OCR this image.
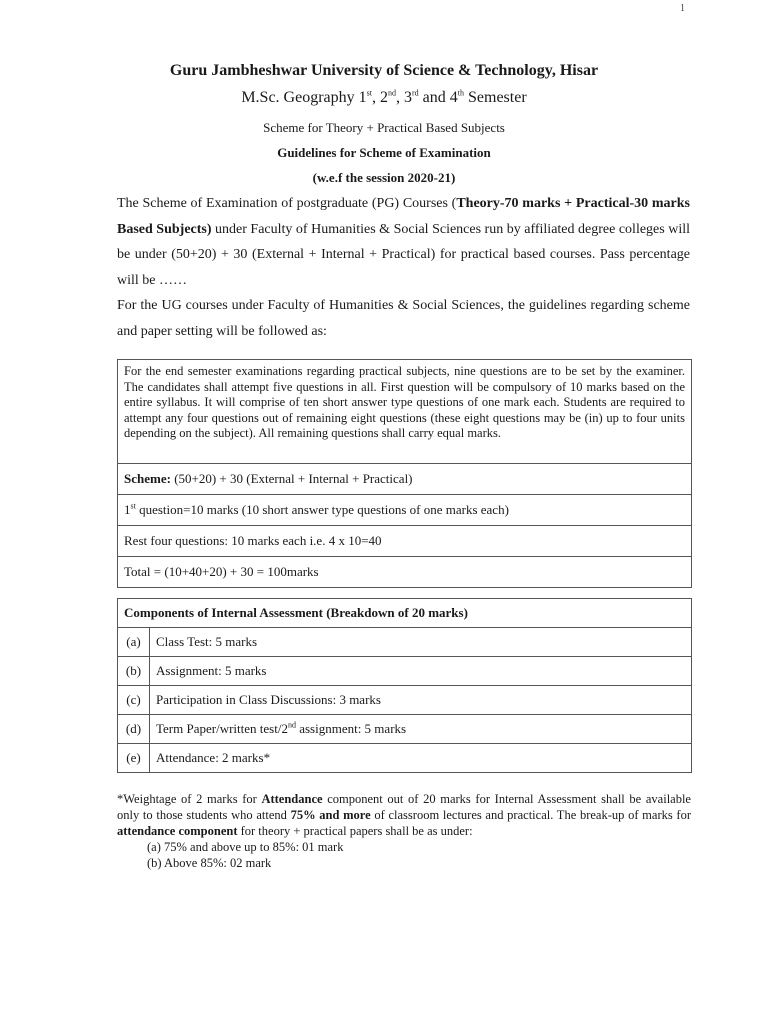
1
Guru Jambheshwar University of Science & Technology, Hisar
M.Sc. Geography 1st, 2nd, 3rd and 4th Semester
Scheme for Theory + Practical Based Subjects
Guidelines for Scheme of Examination
(w.e.f the session 2020-21)

The Scheme of Examination of postgraduate (PG) Courses (Theory-70 marks + Practical-30 marks Based Subjects) under Faculty of Humanities & Social Sciences run by affiliated degree colleges will be under (50+20) + 30 (External + Internal + Practical) for practical based courses. Pass percentage will be ……

For the UG courses under Faculty of Humanities & Social Sciences, the guidelines regarding scheme and paper setting will be followed as:

For the end semester examinations regarding practical subjects, nine questions are to be set by the examiner. The candidates shall attempt five questions in all. First question will be compulsory of 10 marks based on the entire syllabus. It will comprise of ten short answer type questions of one mark each. Students are required to attempt any four questions out of remaining eight questions (these eight questions may be (in) up to four units depending on the subject). All remaining questions shall carry equal marks.
Scheme: (50+20) + 30 (External + Internal + Practical)
1st question=10 marks (10 short answer type questions of one marks each)
Rest four questions: 10 marks each i.e. 4 x 10=40
Total = (10+40+20) + 30 = 100marks
Components of Internal Assessment (Breakdown of 20 marks)	
(a)	Class Test: 5 marks
(b)	Assignment: 5 marks
(c)	Participation in Class Discussions: 3 marks
(d)	Term Paper/written test/2nd assignment: 5 marks
(e)	Attendance: 2 marks*

*Weightage of 2 marks for Attendance component out of 20 marks for Internal Assessment shall be available only to those students who attend 75% and more of classroom lectures and practical. The break-up of marks for attendance component for theory + practical papers shall be as under:

(a) 75% and above up to 85%: 01 mark

(b) Above 85%: 02 mark
